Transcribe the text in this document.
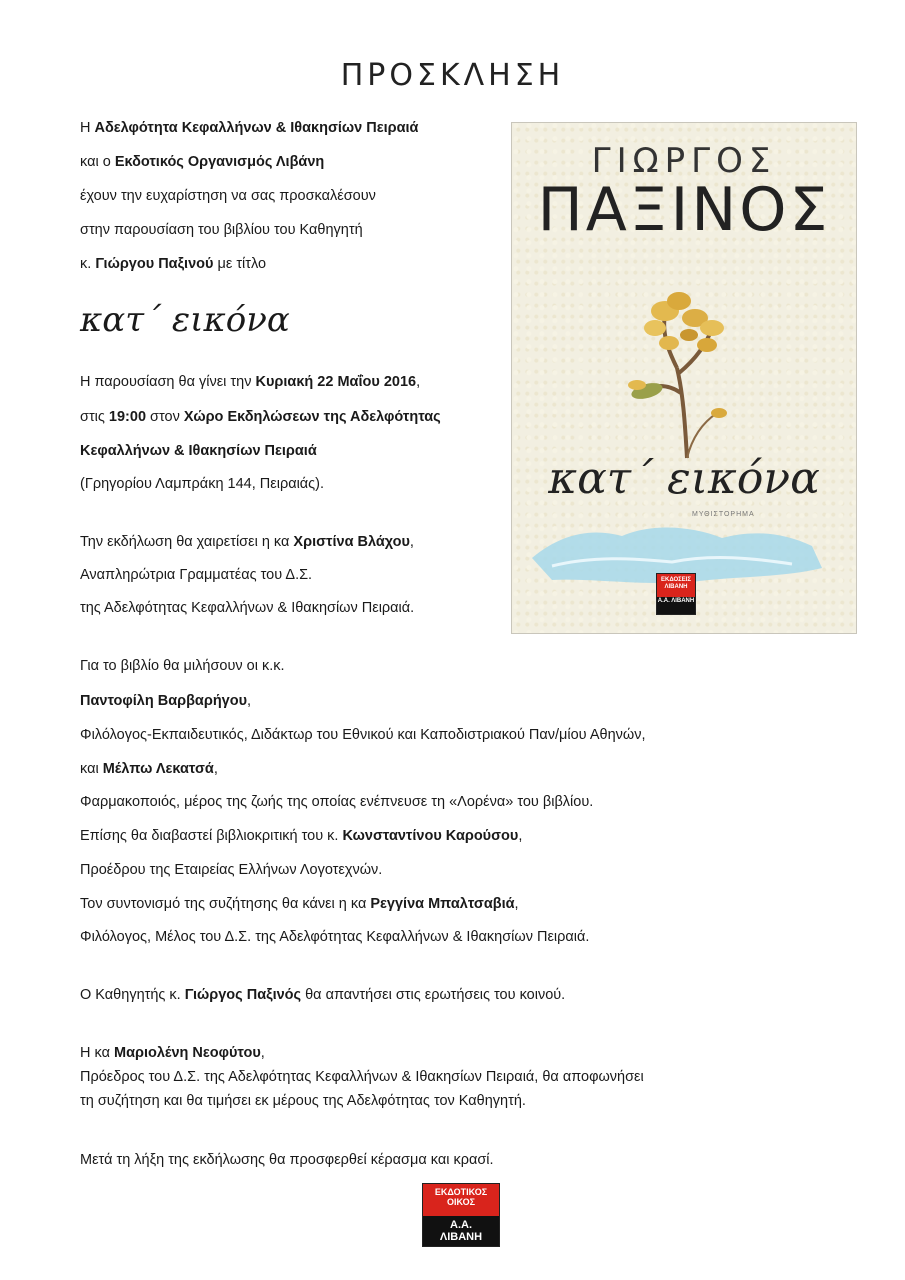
ΠΡΟΣΚΛΗΣΗ
Η Αδελφότητα Κεφαλλήνων & Ιθακησίων Πειραιά
και ο Εκδοτικός Οργανισμός Λιβάνη
έχουν την ευχαρίστηση να σας προσκαλέσουν
στην παρουσίαση του βιβλίου του Καθηγητή
κ. Γιώργου Παξινού με τίτλο
κατ΄ εικόνα
Η παρουσίαση θα γίνει την Κυριακή 22 Μαΐου 2016,
στις 19:00 στον Χώρο Εκδηλώσεων της Αδελφότητας
Κεφαλλήνων & Ιθακησίων Πειραιά
(Γρηγορίου Λαμπράκη 144, Πειραιάς).
Την εκδήλωση θα χαιρετίσει η κα Χριστίνα Βλάχου,
Αναπληρώτρια Γραμματέας του Δ.Σ.
της Αδελφότητας Κεφαλλήνων & Ιθακησίων Πειραιά.
Για το βιβλίο θα μιλήσουν οι κ.κ.
Παντοφίλη Βαρβαρήγου,
Φιλόλογος-Εκπαιδευτικός, Διδάκτωρ του Εθνικού και Καποδιστριακού Παν/μίου Αθηνών,
και Μέλπω Λεκατσά,
Φαρμακοποιός, μέρος της ζωής της οποίας ενέπνευσε τη «Λορένα» του βιβλίου.
Επίσης θα διαβαστεί βιβλιοκριτική του κ. Κωνσταντίνου Καρούσου,
Προέδρου της Εταιρείας Ελλήνων Λογοτεχνών.
Τον συντονισμό της συζήτησης θα κάνει η κα Ρεγγίνα Μπαλτσαβιά,
Φιλόλογος, Μέλος του Δ.Σ. της Αδελφότητας Κεφαλλήνων & Ιθακησίων Πειραιά.
Ο Καθηγητής κ. Γιώργος Παξινός θα απαντήσει στις ερωτήσεις του κοινού.
Η κα Μαριολένη Νεοφύτου,
Πρόεδρος του Δ.Σ. της Αδελφότητας Κεφαλλήνων & Ιθακησίων Πειραιά, θα αποφωνήσει
τη συζήτηση και θα τιμήσει εκ μέρους της Αδελφότητας τον Καθηγητή.
Μετά τη λήξη της εκδήλωσης θα προσφερθεί κέρασμα και κρασί.
ΓΙΩΡΓΟΣ
ΠΑΞΙΝΟΣ
κατ΄ εικόνα
ΜΥΘΙΣΤΟΡΗΜΑ
ΕΚΔΟΣΕΙΣ ΛΙΒΑΝΗ
Α.Α. ΛΙΒΑΝΗ
ΕΚΔΟΤΙΚΟΣ ΟΙΚΟΣ
Α.Α.
ΛΙΒΑΝΗ
